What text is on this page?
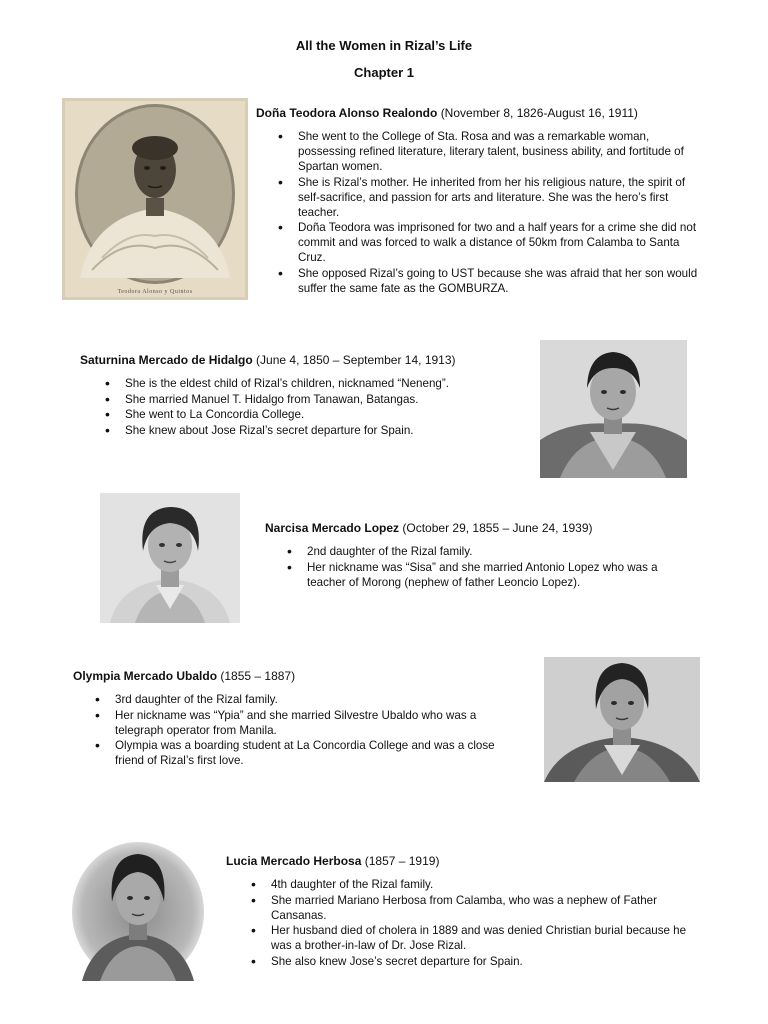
All the Women in Rizal’s Life
Chapter 1
Teodora Alonso y Quintos

Doña Teodora Alonso Realondo (November 8, 1826-August 16, 1911)

• She went to the College of Sta. Rosa and was a remarkable woman, possessing refined literature, literary talent, business ability, and fortitude of Spartan women.
• She is Rizal’s mother. He inherited from her his religious nature, the spirit of self-sacrifice, and passion for arts and literature. She was the hero’s first teacher.
• Doña Teodora was imprisoned for two and a half years for a crime she did not commit and was forced to walk a distance of 50km from Calamba to Santa Cruz.
• She opposed Rizal’s going to UST because she was afraid that her son would suffer the same fate as the GOMBURZA.

Saturnina Mercado de Hidalgo (June 4, 1850 – September 14, 1913)

• She is the eldest child of Rizal’s children, nicknamed “Neneng”.
• She married Manuel T. Hidalgo from Tanawan, Batangas.
• She went to La Concordia College.
• She knew about Jose Rizal’s secret departure for Spain.

Narcisa Mercado Lopez (October 29, 1855 – June 24, 1939)

• 2nd daughter of the Rizal family.
• Her nickname was “Sisa” and she married Antonio Lopez who was a teacher of Morong (nephew of father Leoncio Lopez).

Olympia Mercado Ubaldo (1855 – 1887)

• 3rd daughter of the Rizal family.
• Her nickname was “Ypia” and she married Silvestre Ubaldo who was a telegraph operator from Manila.
• Olympia was a boarding student at La Concordia College and was a close friend of Rizal’s first love.

Lucia Mercado Herbosa (1857 – 1919)

• 4th daughter of the Rizal family.
• She married Mariano Herbosa from Calamba, who was a nephew of Father Cansanas.
• Her husband died of cholera in 1889 and was denied Christian burial because he was a brother-in-law of Dr. Jose Rizal.
• She also knew Jose’s secret departure for Spain.
